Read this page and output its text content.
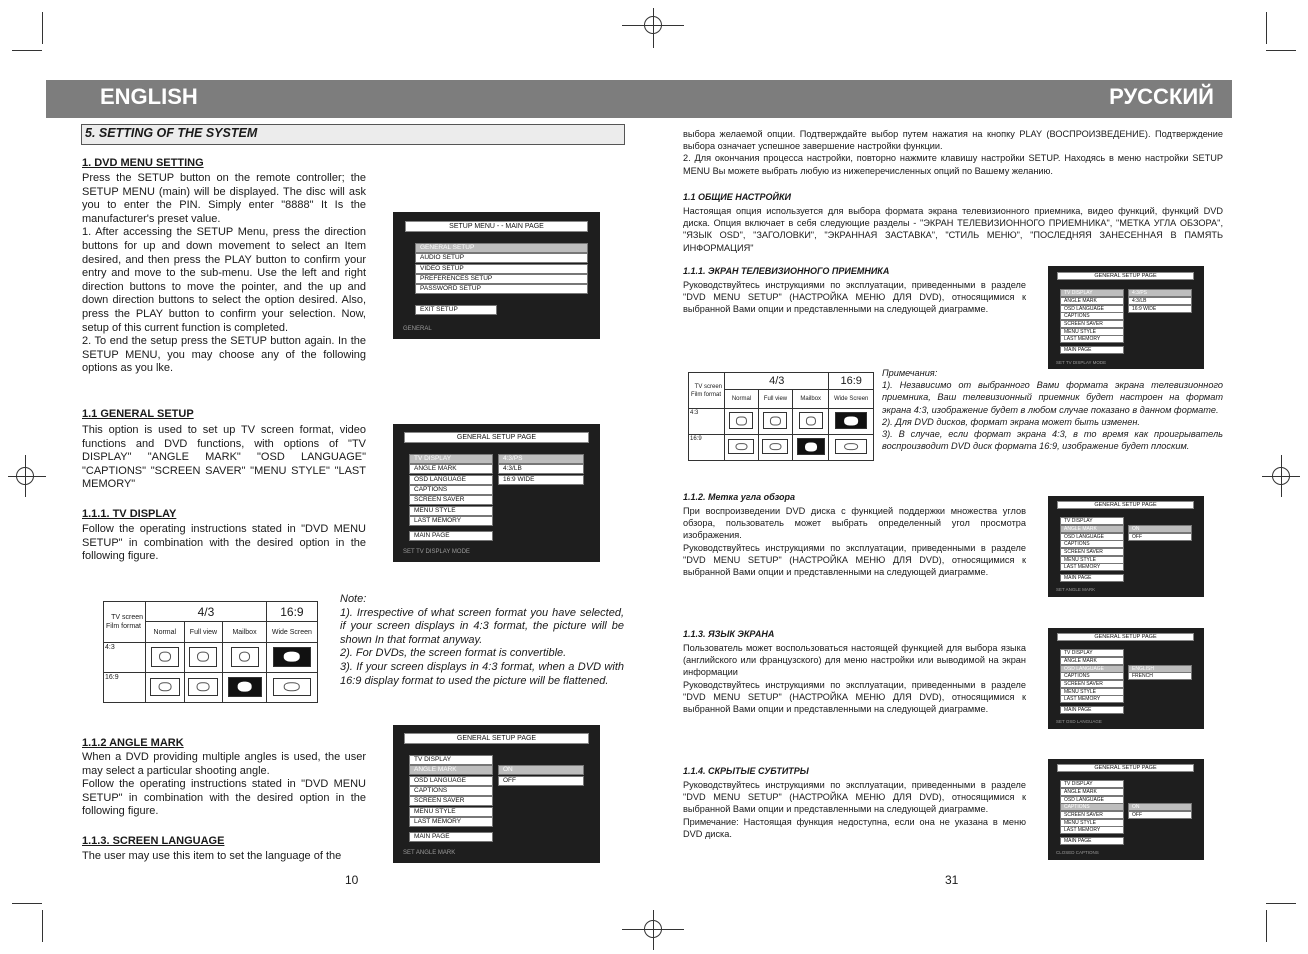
ENGLISH	РУССКИЙ
5. SETTING OF THE SYSTEM
1. DVD MENU SETTING
Press the SETUP button on the remote controller; the SETUP MENU (main) will be displayed. The disc will ask you to enter the PIN. Simply enter "8888" It Is the manufacturer's preset value.
1. After accessing the SETUP Menu, press the direction buttons for up and down movement to select an Item desired, and then press the PLAY button to confirm your entry and move to the sub-menu. Use the left and right direction buttons to move the pointer, and the up and down direction buttons to select the option desired. Also, press the PLAY button to confirm your selection. Now, setup of this current function is completed.
2. To end the setup press the SETUP button again. In the SETUP MENU, you may choose any of the following options as you lke.
SETUP MENU - - MAIN PAGE
GENERAL SETUP
AUDIO SETUP
VIDEO SETUP
PREFERENCES SETUP
PASSWORD SETUP
EXIT SETUP
GENERAL
1.1 GENERAL SETUP
This option is used to set up TV screen format, video functions and DVD functions, with options of "TV DISPLAY" "ANGLE MARK" "OSD LANGUAGE" "CAPTIONS" "SCREEN SAVER" "MENU STYLE" "LAST MEMORY"
GENERAL SETUP PAGE
TV DISPLAY
ANGLE MARK
OSD LANGUAGE
CAPTIONS
SCREEN SAVER
MENU STYLE
LAST MEMORY
MAIN PAGE
4:3/PS
4:3/LB
16:9 WIDE
SET TV DISPLAY MODE
1.1.1. TV DISPLAY
Follow the operating instructions stated in "DVD MENU SETUP" in combination with the desired option in the following figure.
TV screen
Film format	4/3			16:9
	Normal	Full view	Mailbox	Wide Screen
4:3	

16:9	

Note:
1). Irrespective of what screen format you have selected, if your screen displays in 4:3 format, the picture will be shown In that format anyway.
2). For DVDs, the screen format is convertible.
3). If your screen displays in 4:3 format, when a DVD with 16:9 display format to used the picture will be flattened.
1.1.2 ANGLE MARK
When a DVD providing multiple angles is used, the user may select a particular shooting angle.
Follow the operating instructions stated in "DVD MENU SETUP" in combination with the desired option in the following figure.
GENERAL SETUP PAGE
TV DISPLAY
ANGLE MARK
OSD LANGUAGE
CAPTIONS
SCREEN SAVER
MENU STYLE
LAST MEMORY
MAIN PAGE
ON
OFF
SET ANGLE MARK
1.1.3. SCREEN LANGUAGE
The user may use this item to set the language of the
10
выбора желаемой опции. Подтверждайте выбор путем нажатия на кнопку PLAY (ВОСПРОИЗВЕДЕНИЕ). Подтверждение выбора означает успешное завершение настройки функции.
2. Для окончания процесса настройки, повторно нажмите клавишу настройки SETUP. Находясь в меню настройки SETUP MENU Вы можете выбрать любую из нижеперечисленных опций по Вашему желанию.
1.1 ОБЩИЕ НАСТРОЙКИ
Настоящая опция используется для выбора формата экрана телевизионного приемника, видео функций, функций DVD диска. Опция включает в себя следующие разделы - "ЭКРАН ТЕЛЕВИЗИОННОГО ПРИЕМНИКА", "МЕТКА УГЛА ОБЗОРА", "ЯЗЫК OSD", "ЗАГОЛОВКИ", "ЭКРАННАЯ ЗАСТАВКА", "СТИЛЬ МЕНЮ", "ПОСЛЕДНЯЯ ЗАНЕСЕННАЯ В ПАМЯТЬ ИНФОРМАЦИЯ"
1.1.1. ЭКРАН ТЕЛЕВИЗИОННОГО ПРИЕМНИКА
Руководствуйтесь инструкциями по эксплуатации, приведенными в разделе "DVD MENU SETUP" (НАСТРОЙКА МЕНЮ ДЛЯ DVD), относящимися к выбранной Вами опции и представленными на следующей диаграмме.
GENERAL SETUP PAGE
TV DISPLAY
ANGLE MARK
OSD LANGUAGE
CAPTIONS
SCREEN SAVER
MENU STYLE
LAST MEMORY
MAIN PAGE
4:3/PS
4:3/LB
16:9 WIDE
SET TV DISPLAY MODE
TV screen
Film format	4/3			16:9
	Normal	Full view	Mailbox	Wide Screen
4:3	

16:9	

Примечания:
1). Независимо от выбранного Вами формата экрана телевизионного приемника, Ваш телевизионный приемник будет настроен на формат экрана 4:3, изображение будет в любом случае показано в данном формате.
2). Для DVD дисков, формат экрана может быть изменен.
3). В случае, если формат экрана 4:3, в то время как проигрыватель воспроизводит DVD диск формата 16:9, изображение будет плоским.
1.1.2. Метка угла обзора
При воспроизведении DVD диска с функцией поддержки множества углов обзора, пользователь может выбрать определенный угол просмотра изображения.
Руководствуйтесь инструкциями по эксплуатации, приведенными в разделе "DVD MENU SETUP" (НАСТРОЙКА МЕНЮ ДЛЯ DVD), относящимися к выбранной Вами опции и представленными на следующей диаграмме.
GENERAL SETUP PAGE
TV DISPLAY
ANGLE MARK
OSD LANGUAGE
CAPTIONS
SCREEN SAVER
MENU STYLE
LAST MEMORY
MAIN PAGE
ON
OFF
SET ANGLE MARK
1.1.3. ЯЗЫК ЭКРАНА
Пользователь может воспользоваться настоящей функцией для выбора языка (английского или французского) для меню настройки или выводимой на экран информации
Руководствуйтесь инструкциями по эксплуатации, приведенными в разделе "DVD MENU SETUP" (НАСТРОЙКА МЕНЮ ДЛЯ DVD), относящимися к выбранной Вами опции и представленными на следующей диаграмме.
GENERAL SETUP PAGE
TV DISPLAY
ANGLE MARK
OSD LANGUAGE
CAPTIONS
SCREEN SAVER
MENU STYLE
LAST MEMORY
MAIN PAGE
ENGLISH
FRENCH
SET OSD LANGUAGE
1.1.4. СКРЫТЫЕ СУБТИТРЫ
Руководствуйтесь инструкциями по эксплуатации, приведенными в разделе "DVD MENU SETUP" (НАСТРОЙКА МЕНЮ ДЛЯ DVD), относящимися к выбранной Вами опции и представленными на следующей диаграмме.
Примечание: Настоящая функция недоступна, если она не указана в меню DVD диска.
GENERAL SETUP PAGE
TV DISPLAY
ANGLE MARK
OSD LANGUAGE
CAPTIONS
SCREEN SAVER
MENU STYLE
LAST MEMORY
MAIN PAGE
ON
OFF
CLOSED CAPTIONS
31
